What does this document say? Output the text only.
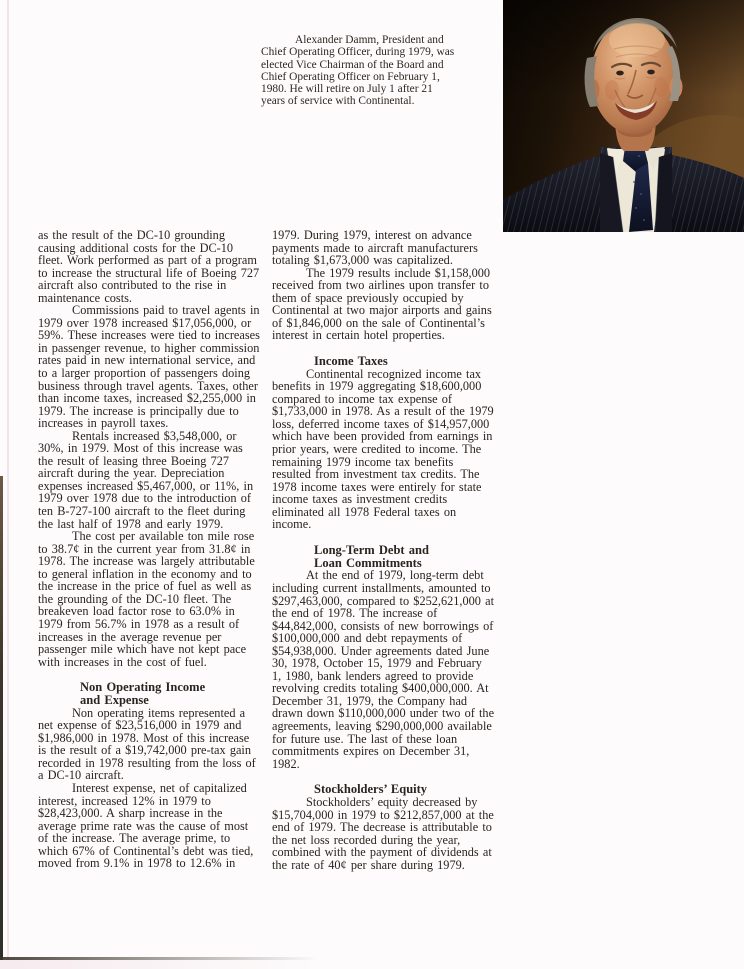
Alexander Damm, President and Chief Operating Officer, during 1979, was elected Vice Chairman of the Board and Chief Operating Officer on February 1, 1980. He will retire on July 1 after 21 years of service with Continental.

as the result of the DC-10 grounding causing additional costs for the DC-10 fleet. Work performed as part of a program to increase the structural life of Boeing 727 aircraft also contributed to the rise in maintenance costs.

Commissions paid to travel agents in 1979 over 1978 increased $17,056,000, or 59%. These increases were tied to increases in passenger revenue, to higher commission rates paid in new international service, and to a larger proportion of passengers doing business through travel agents. Taxes, other than income taxes, increased $2,255,000 in 1979. The increase is principally due to increases in payroll taxes.

Rentals increased $3,548,000, or 30%, in 1979. Most of this increase was the result of leasing three Boeing 727 aircraft during the year. Depreciation expenses increased $5,467,000, or 11%, in 1979 over 1978 due to the introduction of ten B-727-100 aircraft to the fleet during the last half of 1978 and early 1979.

The cost per available ton mile rose to 38.7¢ in the current year from 31.8¢ in 1978. The increase was largely attributable to general inflation in the economy and to the increase in the price of fuel as well as the grounding of the DC-10 fleet. The breakeven load factor rose to 63.0% in 1979 from 56.7% in 1978 as a result of increases in the average revenue per passenger mile which have not kept pace with increases in the cost of fuel.

Non Operating Income
and Expense

Non operating items represented a net expense of $23,516,000 in 1979 and $1,986,000 in 1978. Most of this increase is the result of a $19,742,000 pre-tax gain recorded in 1978 resulting from the loss of a DC-10 aircraft.

Interest expense, net of capitalized interest, increased 12% in 1979 to $28,423,000. A sharp increase in the average prime rate was the cause of most of the increase. The average prime, to which 67% of Continental’s debt was tied, moved from 9.1% in 1978 to 12.6% in

1979. During 1979, interest on advance payments made to aircraft manufacturers totaling $1,673,000 was capitalized.

The 1979 results include $1,158,000 received from two airlines upon transfer to them of space previously occupied by Continental at two major airports and gains of $1,846,000 on the sale of Continental’s interest in certain hotel properties.

Income Taxes

Continental recognized income tax benefits in 1979 aggregating $18,600,000 compared to income tax expense of $1,733,000 in 1978. As a result of the 1979 loss, deferred income taxes of $14,957,000 which have been provided from earnings in prior years, were credited to income. The remaining 1979 income tax benefits resulted from investment tax credits. The 1978 income taxes were entirely for state income taxes as investment credits eliminated all 1978 Federal taxes on income.

Long-Term Debt and
Loan Commitments

At the end of 1979, long-term debt including current installments, amounted to $297,463,000, compared to $252,621,000 at the end of 1978. The increase of $44,842,000, consists of new borrowings of $100,000,000 and debt repayments of $54,938,000. Under agreements dated June 30, 1978, October 15, 1979 and February 1, 1980, bank lenders agreed to provide revolving credits totaling $400,000,000. At December 31, 1979, the Company had drawn down $110,000,000 under two of the agreements, leaving $290,000,000 available for future use. The last of these loan commitments expires on December 31, 1982.

Stockholders’ Equity

Stockholders’ equity decreased by $15,704,000 in 1979 to $212,857,000 at the end of 1979. The decrease is attributable to the net loss recorded during the year, combined with the payment of dividends at the rate of 40¢ per share during 1979.
